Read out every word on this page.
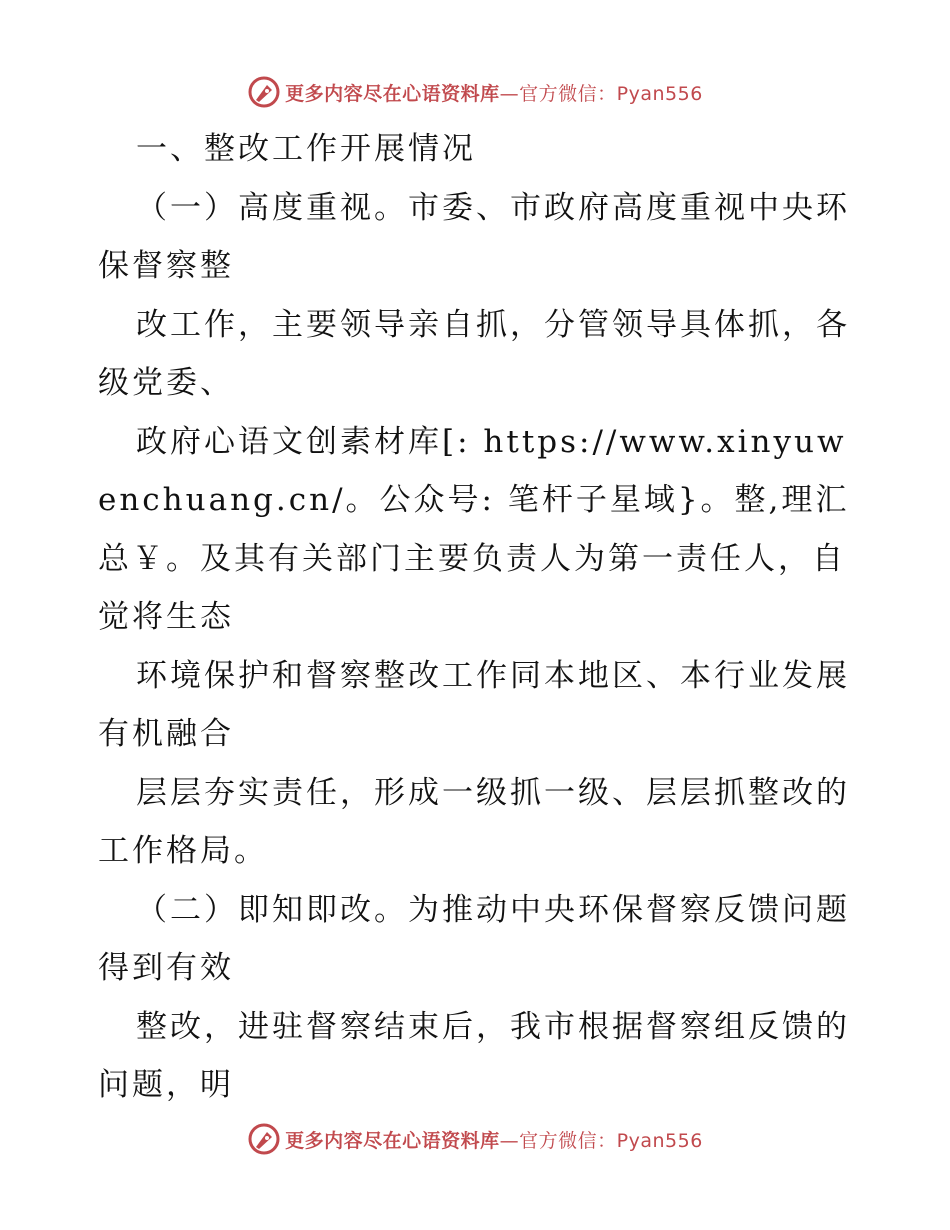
更多内容尽在心语资料库—官方微信：Pyan556

一、整改工作开展情况

（一）高度重视。市委、市政府高度重视中央环保督察整

改工作，主要领导亲自抓，分管领导具体抓，各级党委、

政府心语文创素材库[: https://www.xinyuwenchuang.cn/。公众号: 笔杆子星域}。整,理汇总￥。及其有关部门主要负责人为第一责任人，自觉将生态

环境保护和督察整改工作同本地区、本行业发展有机融合

层层夯实责任，形成一级抓一级、层层抓整改的工作格局。

（二）即知即改。为推动中央环保督察反馈问题得到有效

整改，进驻督察结束后，我市根据督察组反馈的问题，明

更多内容尽在心语资料库—官方微信：Pyan556
